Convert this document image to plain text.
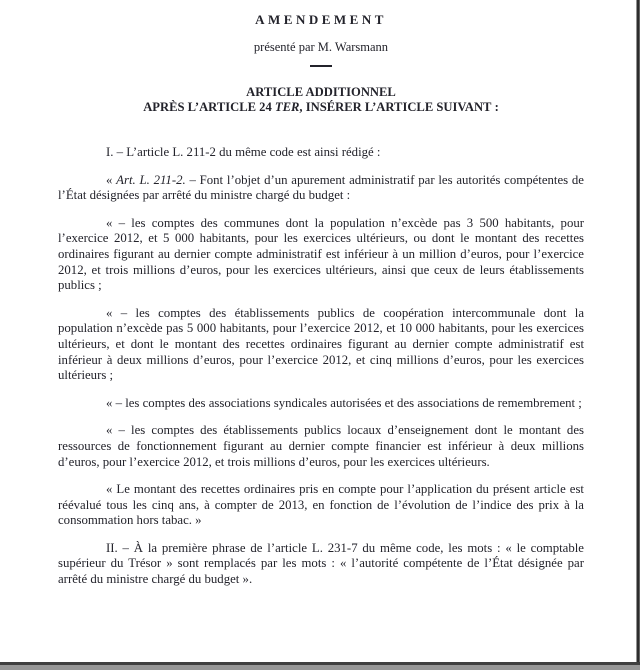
AMENDEMENT

présenté par M. Warsmann

ARTICLE ADDITIONNEL
APRÈS L’ARTICLE 24 TER, INSÉRER L’ARTICLE SUIVANT :

I. – L’article L. 211-2 du même code est ainsi rédigé :

« Art. L. 211-2. – Font l’objet d’un apurement administratif par les autorités compétentes de l’État désignées par arrêté du ministre chargé du budget :

« – les comptes des communes dont la population n’excède pas 3 500 habitants, pour l’exercice 2012, et 5 000 habitants, pour les exercices ultérieurs, ou dont le montant des recettes ordinaires figurant au dernier compte administratif est inférieur à un million d’euros, pour l’exercice 2012, et trois millions d’euros, pour les exercices ultérieurs, ainsi que ceux de leurs établissements publics ;

« – les comptes des établissements publics de coopération intercommunale dont la population n’excède pas 5 000 habitants, pour l’exercice 2012, et 10 000 habitants, pour les exercices ultérieurs, et dont le montant des recettes ordinaires figurant au dernier compte administratif est inférieur à deux millions d’euros, pour l’exercice 2012, et cinq millions d’euros, pour les exercices ultérieurs ;

« – les comptes des associations syndicales autorisées et des associations de remembrement ;

« – les comptes des établissements publics locaux d’enseignement dont le montant des ressources de fonctionnement figurant au dernier compte financier est inférieur à deux millions d’euros, pour l’exercice 2012, et trois millions d’euros, pour les exercices ultérieurs.

« Le montant des recettes ordinaires pris en compte pour l’application du présent article est réévalué tous les cinq ans, à compter de 2013, en fonction de l’évolution de l’indice des prix à la consommation hors tabac. »

II. – À la première phrase de l’article L. 231-7 du même code, les mots : « le comptable supérieur du Trésor » sont remplacés par les mots : « l’autorité compétente de l’État désignée par arrêté du ministre chargé du budget ».
